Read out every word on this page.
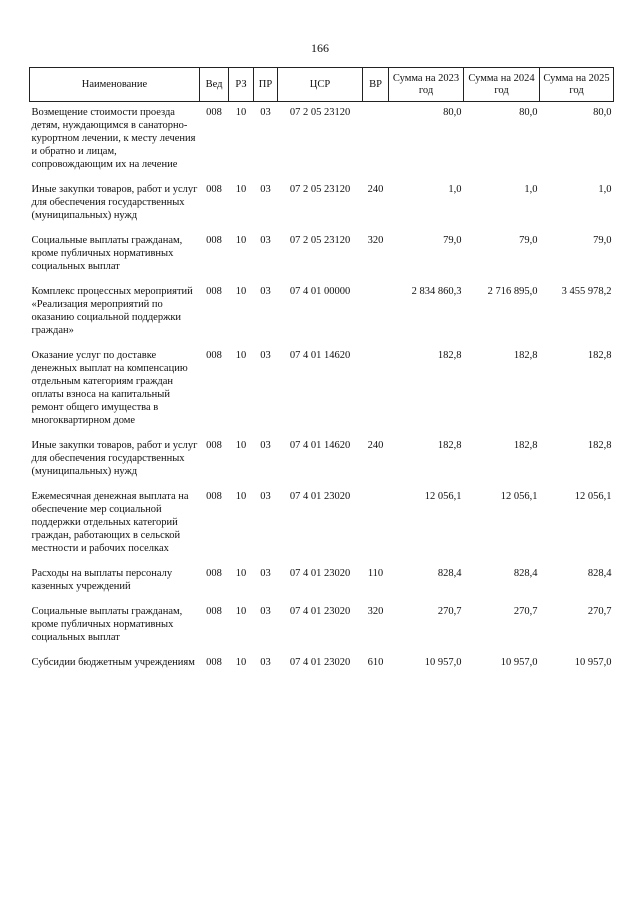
166
Наименование	Вед	РЗ	ПР	ЦСР	ВР	Сумма на 2023 год	Сумма на 2024 год	Сумма на 2025 год
Возмещение стоимости проезда детям, нуждающимся в санаторно-курортном лечении, к месту лечения и обратно и лицам, сопровождающим их на лечение	008	10	03	07 2 05 23120		80,0	80,0	80,0
Иные закупки товаров, работ и услуг для обеспечения государственных (муниципальных) нужд	008	10	03	07 2 05 23120	240	1,0	1,0	1,0
Социальные выплаты гражданам, кроме публичных нормативных социальных выплат	008	10	03	07 2 05 23120	320	79,0	79,0	79,0
Комплекс процессных мероприятий «Реализация мероприятий по оказанию социальной поддержки граждан»	008	10	03	07 4 01 00000		2 834 860,3	2 716 895,0	3 455 978,2
Оказание услуг по доставке денежных выплат на компенсацию отдельным категориям граждан оплаты взноса на капитальный ремонт общего имущества в многоквартирном доме	008	10	03	07 4 01 14620		182,8	182,8	182,8
Иные закупки товаров, работ и услуг для обеспечения государственных (муниципальных) нужд	008	10	03	07 4 01 14620	240	182,8	182,8	182,8
Ежемесячная денежная выплата на обеспечение мер социальной поддержки отдельных категорий граждан, работающих в сельской местности и рабочих поселках	008	10	03	07 4 01 23020		12 056,1	12 056,1	12 056,1
Расходы на выплаты персоналу казенных учреждений	008	10	03	07 4 01 23020	110	828,4	828,4	828,4
Социальные выплаты гражданам, кроме публичных нормативных социальных выплат	008	10	03	07 4 01 23020	320	270,7	270,7	270,7
Субсидии бюджетным учреждениям	008	10	03	07 4 01 23020	610	10 957,0	10 957,0	10 957,0
